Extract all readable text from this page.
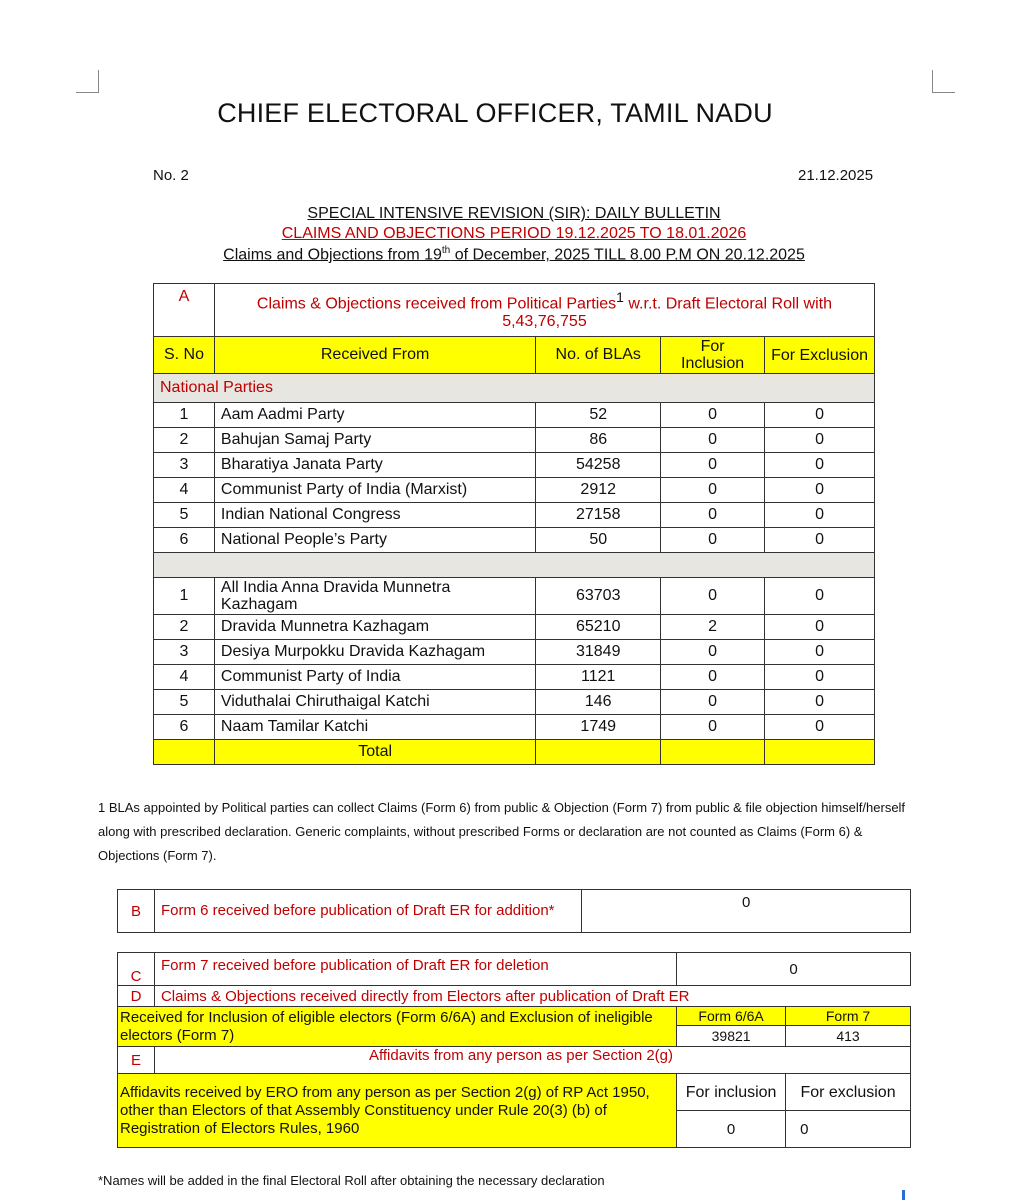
CHIEF ELECTORAL OFFICER, TAMIL NADU
No. 2	21.12.2025
SPECIAL INTENSIVE REVISION (SIR): DAILY BULLETIN
CLAIMS AND OBJECTIONS PERIOD 19.12.2025 TO 18.01.2026
Claims and Objections from 19th of December, 2025 TILL 8.00 P.M ON 20.12.2025
A	Claims & Objections received from Political Parties$^1$ w.r.t. Draft Electoral Roll with
5,43,76,755			
S. No	Received From	No. of BLAs	For Inclusion	For Exclusion
National Parties				
1	Aam Aadmi Party	52	0	0
2	Bahujan Samaj Party	86	0	0
3	Bharatiya Janata Party	54258	0	0
4	Communist Party of India (Marxist)	2912	0	0
5	Indian National Congress	27158	0	0
6	National People’s Party	50	0	0

1	All India Anna Dravida Munnetra Kazhagam	63703	0	0
2	Dravida Munnetra Kazhagam	65210	2	0
3	Desiya Murpokku Dravida Kazhagam	31849	0	0
4	Communist Party of India	1121	0	0
5	Viduthalai Chiruthaigal Katchi	146	0	0
6	Naam Tamilar Katchi	1749	0	0
	Total			
1 BLAs appointed by Political parties can collect Claims (Form 6) from public & Objection (Form 7) from public & file objection himself/herself along with prescribed declaration. Generic complaints, without prescribed Forms or declaration are not counted as Claims (Form 6) & Objections (Form 7).
B	Form 6 received before publication of Draft ER for addition*	0
C	Form 7 received before publication of Draft ER for deletion	0	
D	Claims & Objections received directly from Electors after publication of Draft ER		
Received for Inclusion of eligible electors (Form 6/6A) and Exclusion of ineligible electors (Form 7)		Form 6/6A	Form 7
		39821	413
E	Affidavits from any person as per Section 2(g)		
Affidavits received by ERO from any person as per Section 2(g) of RP Act 1950, other than Electors of that Assembly Constituency under Rule 20(3) (b) of Registration of Electors Rules, 1960		For inclusion	For exclusion
		0	0
*Names will be added in the final Electoral Roll after obtaining the necessary declaration
